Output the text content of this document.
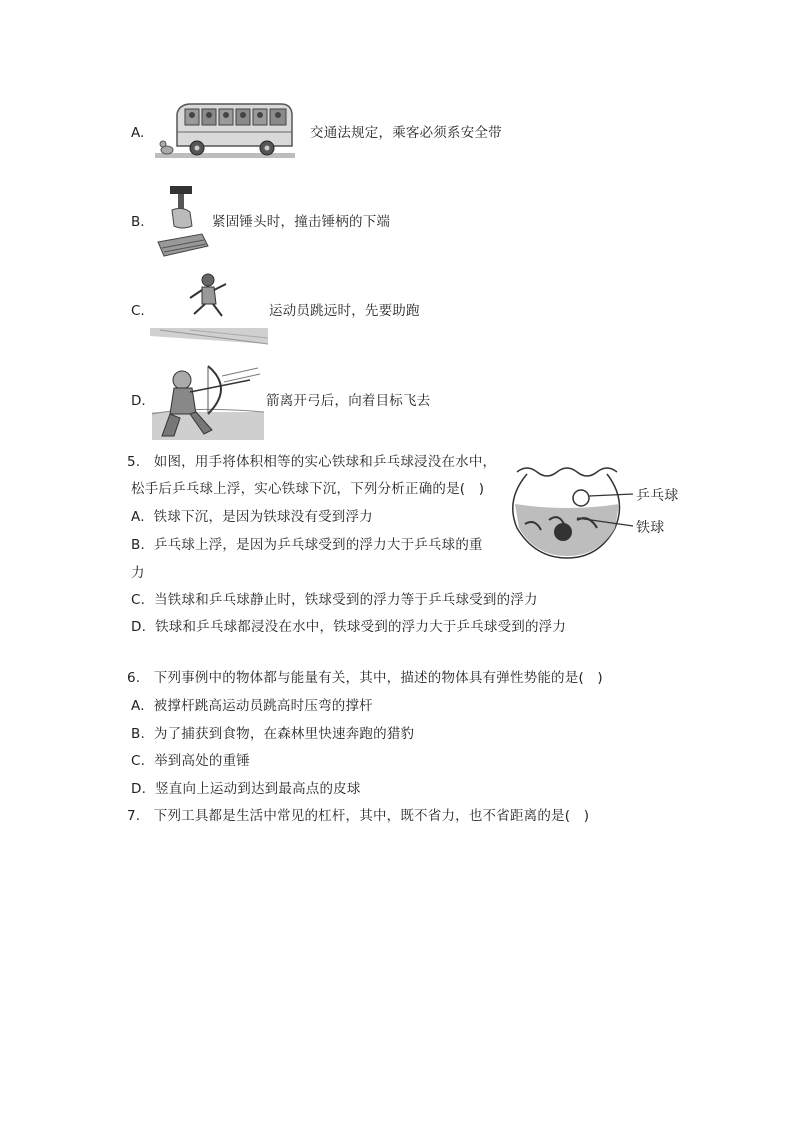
A.	交通法规定，乘客必须系安全带
B.	紧固锤头时，撞击锤柄的下端
C.	运动员跳远时，先要助跑
D.	箭离开弓后，向着目标飞去
5.   如图，用手将体积相等的实心铁球和乒乓球浸没在水中，
松手后乒乓球上浮，实心铁球下沉，下列分析正确的是(   )
A.  铁球下沉，是因为铁球没有受到浮力
B.  乒乓球上浮，是因为乒乓球受到的浮力大于乒乓球的重
力
C.  当铁球和乒乓球静止时，铁球受到的浮力等于乒乓球受到的浮力
D.  铁球和乒乓球都浸没在水中，铁球受到的浮力大于乒乓球受到的浮力
乒乓球
铁球
6.   下列事例中的物体都与能量有关，其中，描述的物体具有弹性势能的是(   )
A.  被撑杆跳高运动员跳高时压弯的撑杆
B.  为了捕获到食物，在森林里快速奔跑的猎豹
C.  举到高处的重锤
D.  竖直向上运动到达到最高点的皮球
7.   下列工具都是生活中常见的杠杆，其中，既不省力，也不省距离的是(   )
